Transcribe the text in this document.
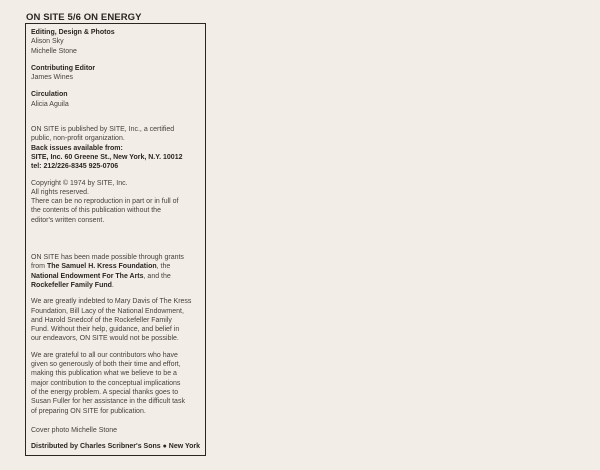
ON SITE 5/6 ON ENERGY
Editing, Design & Photos
Alison Sky
Michelle Stone
Contributing Editor
James Wines
Circulation
Alicia Aguila
ON SITE is published by SITE, Inc., a certified
public, non-profit organization.
Back issues available from:
SITE, Inc. 60 Greene St., New York, N.Y. 10012
tel: 212/226-8345 925-0706
Copyright © 1974 by SITE, Inc.
All rights reserved.
There can be no reproduction in part or in full of
the contents of this publication without the
editor's written consent.
ON SITE has been made possible through grants
from The Samuel H. Kress Foundation, the
National Endowment For The Arts, and the
Rockefeller Family Fund.
We are greatly indebted to Mary Davis of The Kress
Foundation, Bill Lacy of the National Endowment,
and Harold Snedcof of the Rockefeller Family
Fund. Without their help, guidance, and belief in
our endeavors, ON SITE would not be possible.
We are grateful to all our contributors who have
given so generously of both their time and effort,
making this publication what we believe to be a
major contribution to the conceptual implications
of the energy problem. A special thanks goes to
Susan Fuller for her assistance in the difficult task
of preparing ON SITE for publication.
Cover photo Michelle Stone
Distributed by Charles Scribner's Sons ● New York
